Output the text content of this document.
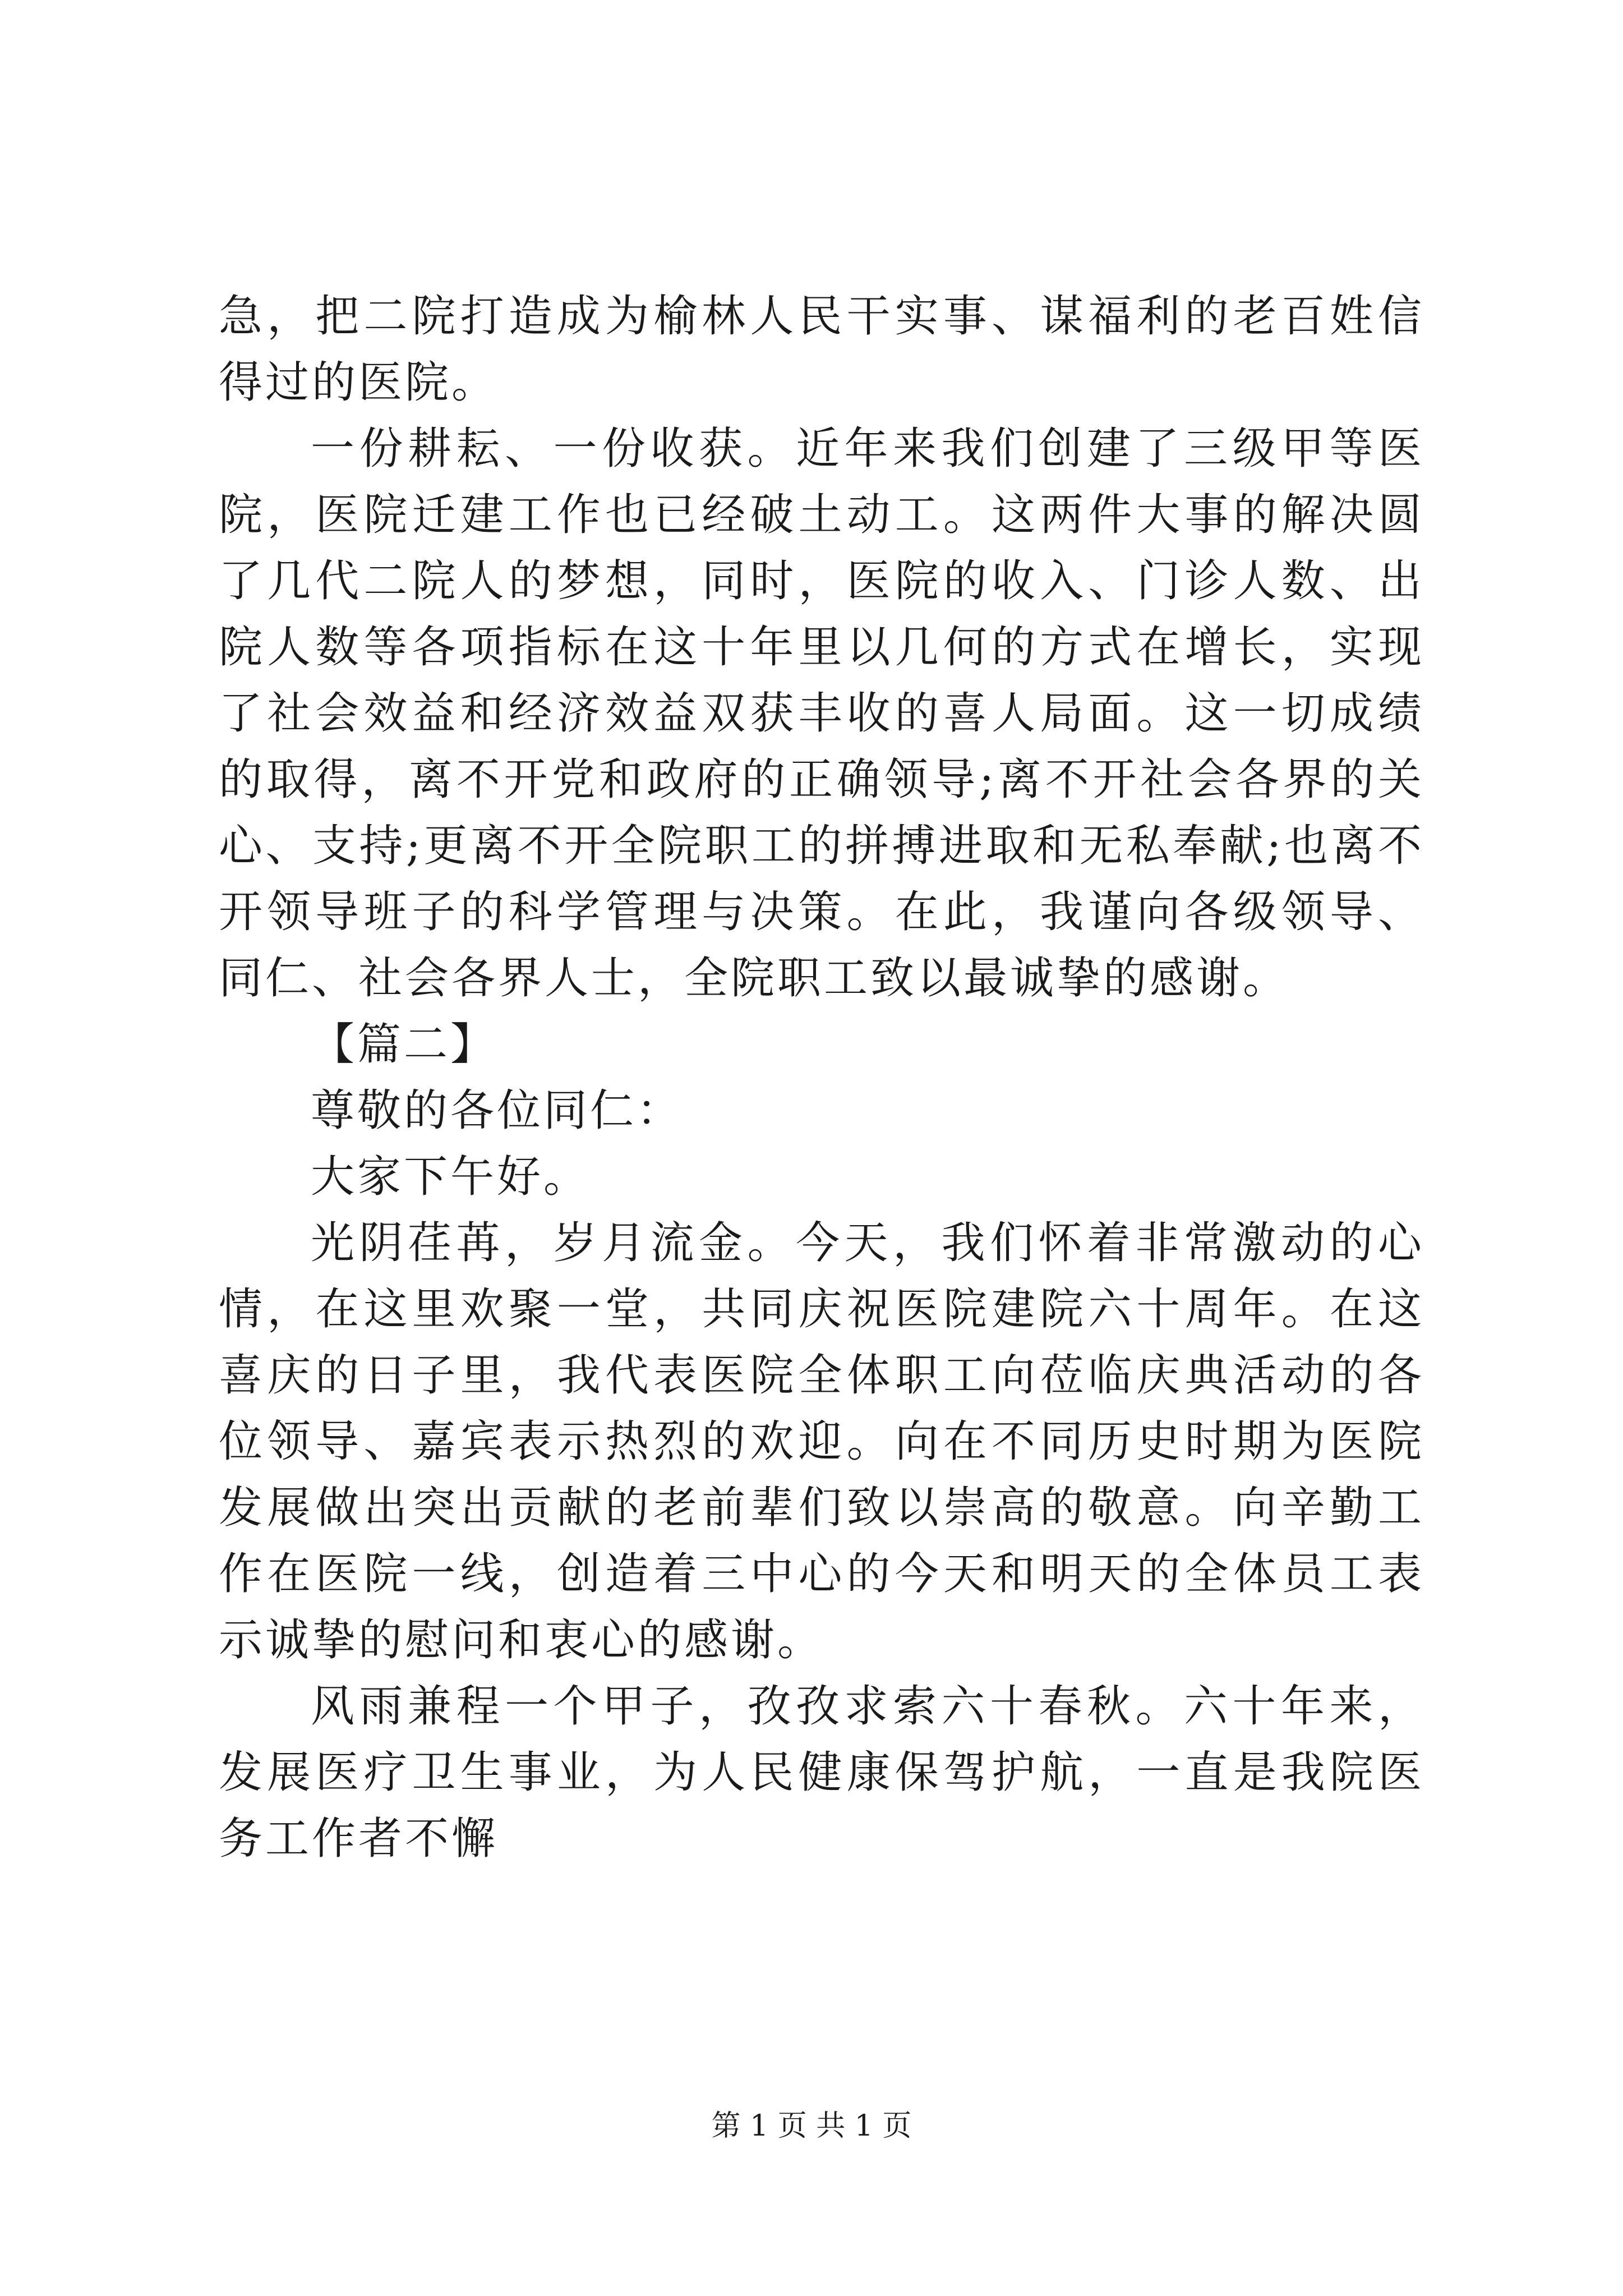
急，把二院打造成为榆林人民干实事、谋福利的老百姓信得过的医院。

一份耕耘、一份收获。近年来我们创建了三级甲等医院，医院迁建工作也已经破土动工。这两件大事的解决圆了几代二院人的梦想，同时，医院的收入、门诊人数、出院人数等各项指标在这十年里以几何的方式在增长，实现了社会效益和经济效益双获丰收的喜人局面。这一切成绩的取得，离不开党和政府的正确领导;离不开社会各界的关心、支持;更离不开全院职工的拼搏进取和无私奉献;也离不开领导班子的科学管理与决策。在此，我谨向各级领导、同仁、社会各界人士，全院职工致以最诚挚的感谢。

【篇二】

尊敬的各位同仁：

大家下午好。

光阴荏苒，岁月流金。今天，我们怀着非常激动的心情，在这里欢聚一堂，共同庆祝医院建院六十周年。在这喜庆的日子里，我代表医院全体职工向莅临庆典活动的各位领导、嘉宾表示热烈的欢迎。向在不同历史时期为医院发展做出突出贡献的老前辈们致以崇高的敬意。向辛勤工作在医院一线，创造着三中心的今天和明天的全体员工表示诚挚的慰问和衷心的感谢。

风雨兼程一个甲子，孜孜求索六十春秋。六十年来，发展医疗卫生事业，为人民健康保驾护航，一直是我院医务工作者不懈

第 1 页 共 1 页
